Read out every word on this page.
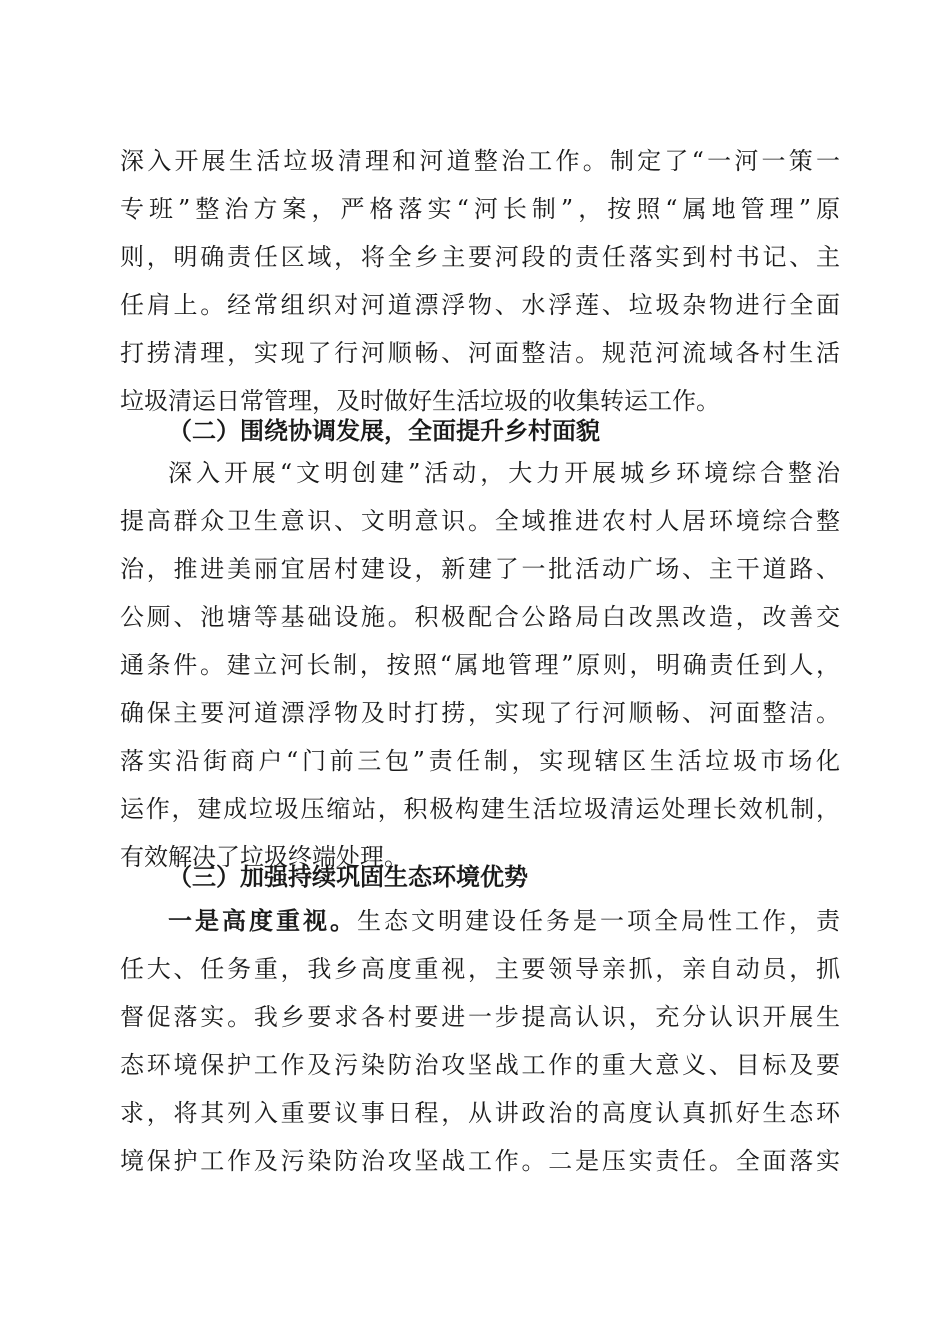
深入开展生活垃圾清理和河道整治工作。制定了“一河一策一
专班”整治方案，严格落实“河长制”，按照“属地管理”原
则，明确责任区域，将全乡主要河段的责任落实到村书记、主
任肩上。经常组织对河道漂浮物、水浮莲、垃圾杂物进行全面
打捞清理，实现了行河顺畅、河面整洁。规范河流域各村生活
垃圾清运日常管理，及时做好生活垃圾的收集转运工作。
（二）围绕协调发展，全面提升乡村面貌
深入开展“文明创建”活动，大力开展城乡环境综合整治
提高群众卫生意识、文明意识。全域推进农村人居环境综合整
治，推进美丽宜居村建设，新建了一批活动广场、主干道路、
公厕、池塘等基础设施。积极配合公路局白改黑改造，改善交
通条件。建立河长制，按照“属地管理”原则，明确责任到人，
确保主要河道漂浮物及时打捞，实现了行河顺畅、河面整洁。
落实沿街商户“门前三包”责任制，实现辖区生活垃圾市场化
运作，建成垃圾压缩站，积极构建生活垃圾清运处理长效机制，
有效解决了垃圾终端处理。
（三）加强持续巩固生态环境优势
一是高度重视。生态文明建设任务是一项全局性工作，责
任大、任务重，我乡高度重视，主要领导亲抓，亲自动员，抓
督促落实。我乡要求各村要进一步提高认识，充分认识开展生
态环境保护工作及污染防治攻坚战工作的重大意义、目标及要
求，将其列入重要议事日程，从讲政治的高度认真抓好生态环
境保护工作及污染防治攻坚战工作。二是压实责任。全面落实
